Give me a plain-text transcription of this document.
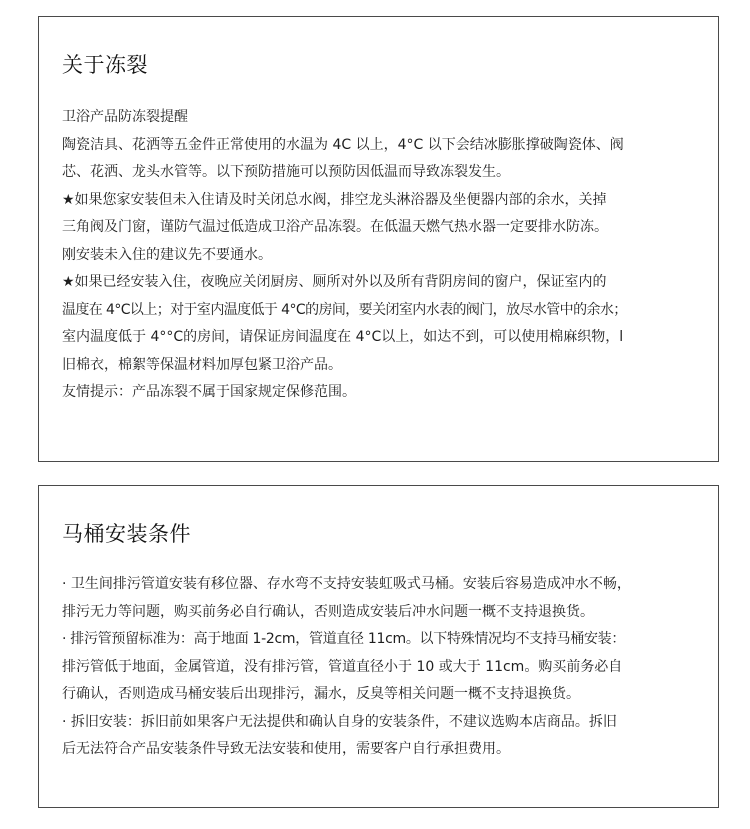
关于冻裂
卫浴产品防冻裂提醒
陶瓷洁具、花洒等五金件正常使用的水温为 4C 以上，4°C 以下会结冰膨胀撑破陶瓷体、阀
芯、花洒、龙头水管等。以下预防措施可以预防因低温而导致冻裂发生。
★如果您家安装但未入住请及时关闭总水阀，排空龙头淋浴器及坐便器内部的余水，关掉
三角阀及门窗，谨防气温过低造成卫浴产品冻裂。在低温天燃气热水器一定要排水防冻。
刚安装未入住的建议先不要通水。
★如果已经安装入住，夜晚应关闭厨房、厕所对外以及所有背阴房间的窗户，保证室内的
温度在 4°C以上；对于室内温度低于 4°C的房间，要关闭室内水表的阀门，放尽水管中的余水；
室内温度低于 4°°C的房间，请保证房间温度在 4°C以上，如达不到，可以使用棉麻织物，l
旧棉衣，棉絮等保温材料加厚包紧卫浴产品。
友情提示：产品冻裂不属于国家规定保修范围。
马桶安装条件
· 卫生间排污管道安装有移位器、存水弯不支持安装虹吸式马桶。安装后容易造成冲水不畅，
排污无力等问题，购买前务必自行确认，否则造成安装后冲水问题一概不支持退换货。
· 排污管预留标准为：高于地面 1-2cm，管道直径 11cm。以下特殊情况均不支持马桶安装：
排污管低于地面，金属管道，没有排污管，管道直径小于 10 或大于 11cm。购买前务必自
行确认，否则造成马桶安装后出现排污，漏水，反臭等相关问题一概不支持退换货。
· 拆旧安装：拆旧前如果客户无法提供和确认自身的安装条件，不建议选购本店商品。拆旧
后无法符合产品安装条件导致无法安装和使用，需要客户自行承担费用。
